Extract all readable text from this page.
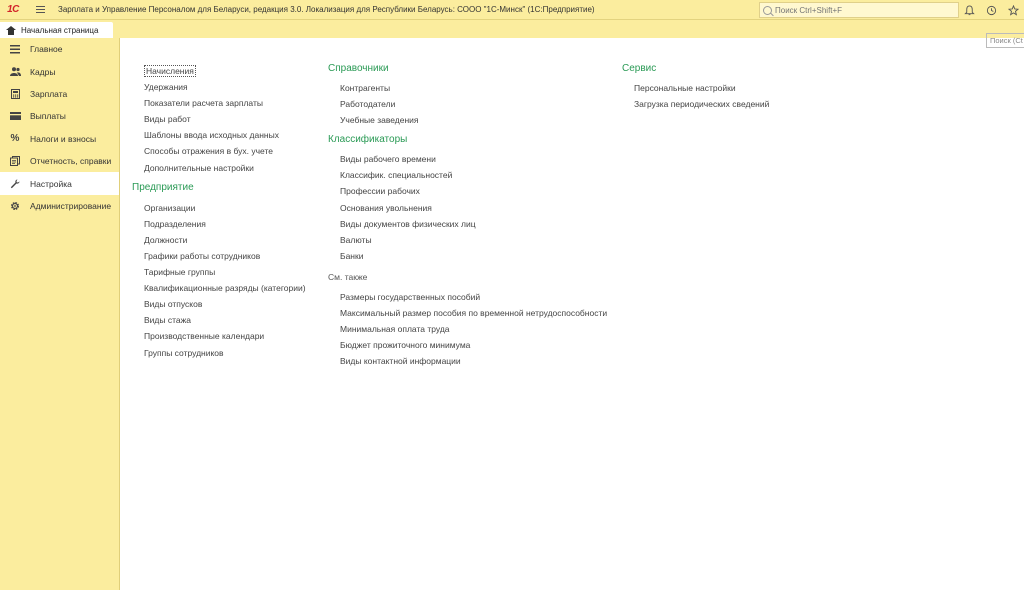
1С	Зарплата и Управление Персоналом для Беларуси, редакция 3.0. Локализация для Республики Беларусь: СООО "1С-Минск" (1С:Предприятие)
Поиск Ctrl+Shift+F
Начальная страница
Главное
Кадры
Зарплата
Выплаты
% Налоги и взносы
Отчетность, справки
Настройка
Администрирование
Поиск (Ct
Начисления
Удержания
Показатели расчета зарплаты
Виды работ
Шаблоны ввода исходных данных
Способы отражения в бух. учете
Дополнительные настройки
Предприятие
Организации
Подразделения
Должности
Графики работы сотрудников
Тарифные группы
Квалификационные разряды (категории)
Виды отпусков
Виды стажа
Производственные календари
Группы сотрудников
Справочники
Контрагенты
Работодатели
Учебные заведения
Классификаторы
Виды рабочего времени
Классифик. специальностей
Профессии рабочих
Основания увольнения
Виды документов физических лиц
Валюты
Банки
См. также
Размеры государственных пособий
Максимальный размер пособия по временной нетрудоспособности
Минимальная оплата труда
Бюджет прожиточного минимума
Виды контактной информации
Сервис
Персональные настройки
Загрузка периодических сведений
